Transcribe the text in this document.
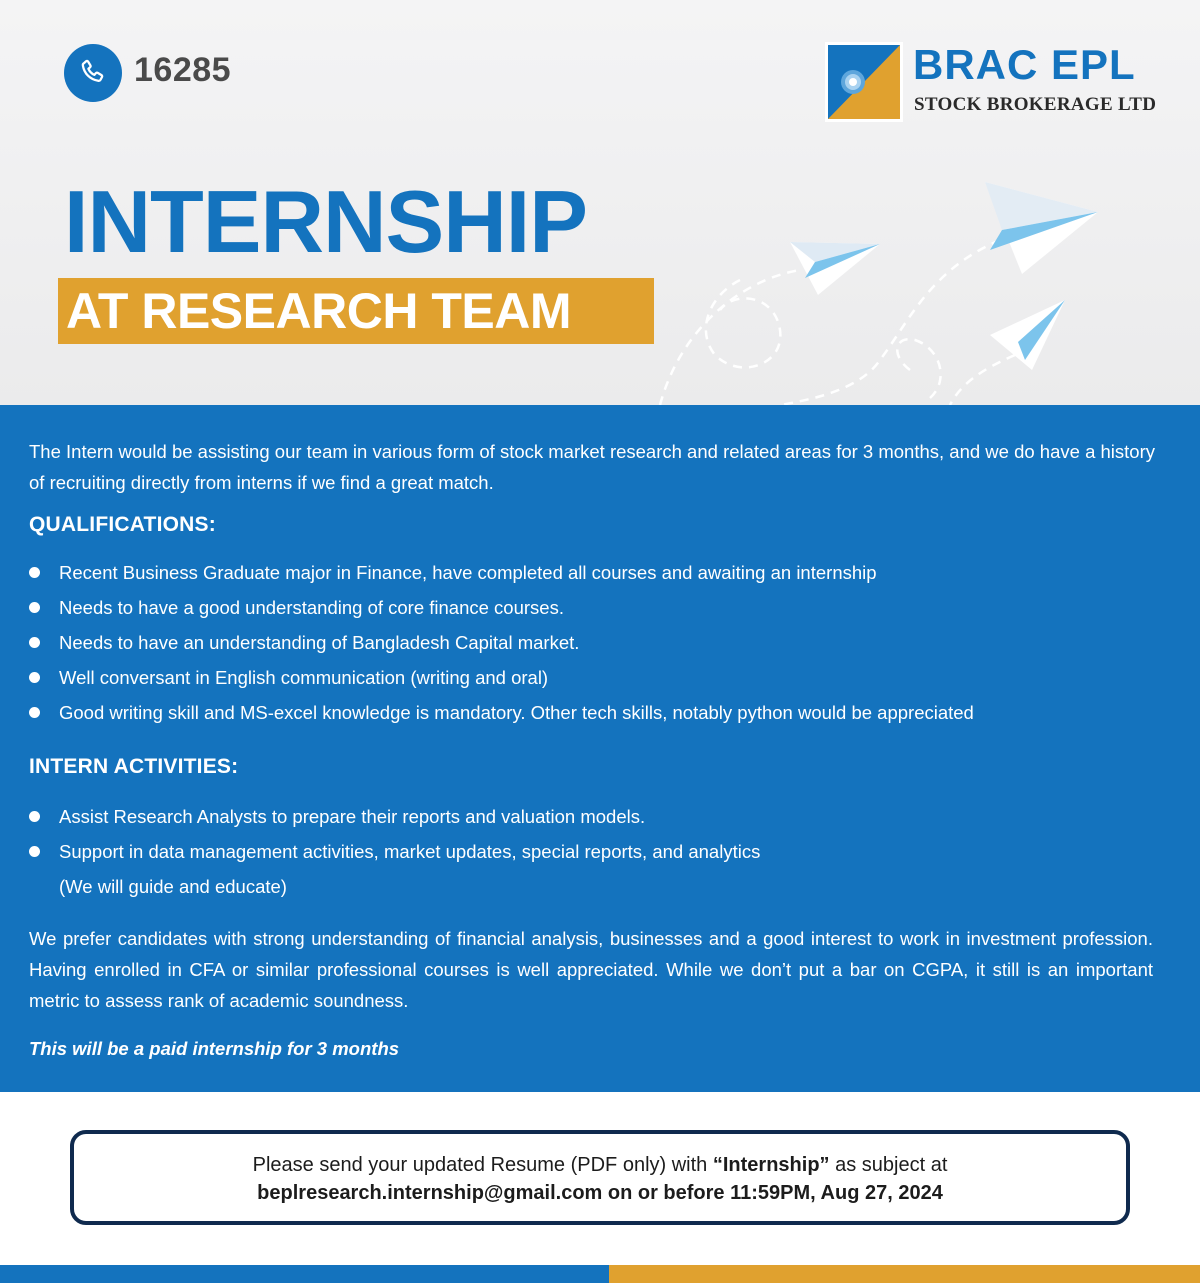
16285	BRAC EPL
STOCK BROKERAGE LTD
INTERNSHIP
AT RESEARCH TEAM

The Intern would be assisting our team in various form of stock market research and related areas for 3 months, and we do have a history of recruiting directly from interns if we find a great match.

QUALIFICATIONS:
Recent Business Graduate major in Finance, have completed all courses and awaiting an internship
Needs to have a good understanding of core finance courses.
Needs to have an understanding of Bangladesh Capital market.
Well conversant in English communication (writing and oral)
Good writing skill and MS-excel knowledge is mandatory. Other tech skills, notably python would be appreciated
INTERN ACTIVITIES:
Assist Research Analysts to prepare their reports and valuation models.
Support in data management activities, market updates, special reports, and analytics
(We will guide and educate)

We prefer candidates with strong understanding of financial analysis, businesses and a good interest to work in investment profession. Having enrolled in CFA or similar professional courses is well appreciated. While we don’t put a bar on CGPA, it still is an important metric to assess rank of academic soundness.

This will be a paid internship for 3 months
Please send your updated Resume (PDF only) with “Internship” as subject at
beplresearch.internship@gmail.com on or before 11:59PM, Aug 27, 2024
